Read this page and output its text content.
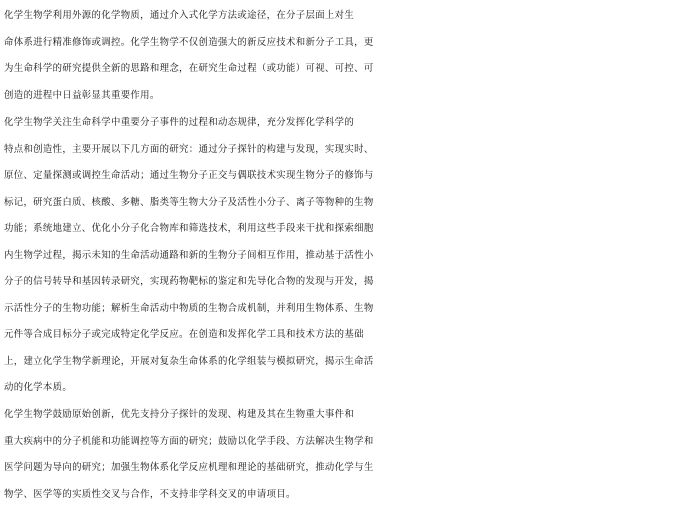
化学生物学利用外源的化学物质，通过介入式化学方法或途径，在分子层面上对生
命体系进行精准修饰或调控。化学生物学不仅创造强大的新反应技术和新分子工具，更
为生命科学的研究提供全新的思路和理念，在研究生命过程（或功能）可视、可控、可
创造的进程中日益彰显其重要作用。
化学生物学关注生命科学中重要分子事件的过程和动态规律，充分发挥化学科学的
特点和创造性，主要开展以下几方面的研究：通过分子探针的构建与发现，实现实时、
原位、定量探测或调控生命活动；通过生物分子正交与偶联技术实现生物分子的修饰与
标记，研究蛋白质、核酸、多糖、脂类等生物大分子及活性小分子、离子等物种的生物
功能；系统地建立、优化小分子化合物库和筛选技术，利用这些手段来干扰和探索细胞
内生物学过程，揭示未知的生命活动通路和新的生物分子间相互作用，推动基于活性小
分子的信号转导和基因转录研究，实现药物靶标的鉴定和先导化合物的发现与开发，揭
示活性分子的生物功能；解析生命活动中物质的生物合成机制，并利用生物体系、生物
元件等合成目标分子或完成特定化学反应。在创造和发挥化学工具和技术方法的基础
上，建立化学生物学新理论，开展对复杂生命体系的化学组装与模拟研究，揭示生命活
动的化学本质。
化学生物学鼓励原始创新，优先支持分子探针的发现、构建及其在生物重大事件和
重大疾病中的分子机能和功能调控等方面的研究；鼓励以化学手段、方法解决生物学和
医学问题为导向的研究；加强生物体系化学反应机理和理论的基础研究，推动化学与生
物学、医学等的实质性交叉与合作，不支持非学科交叉的申请项目。
